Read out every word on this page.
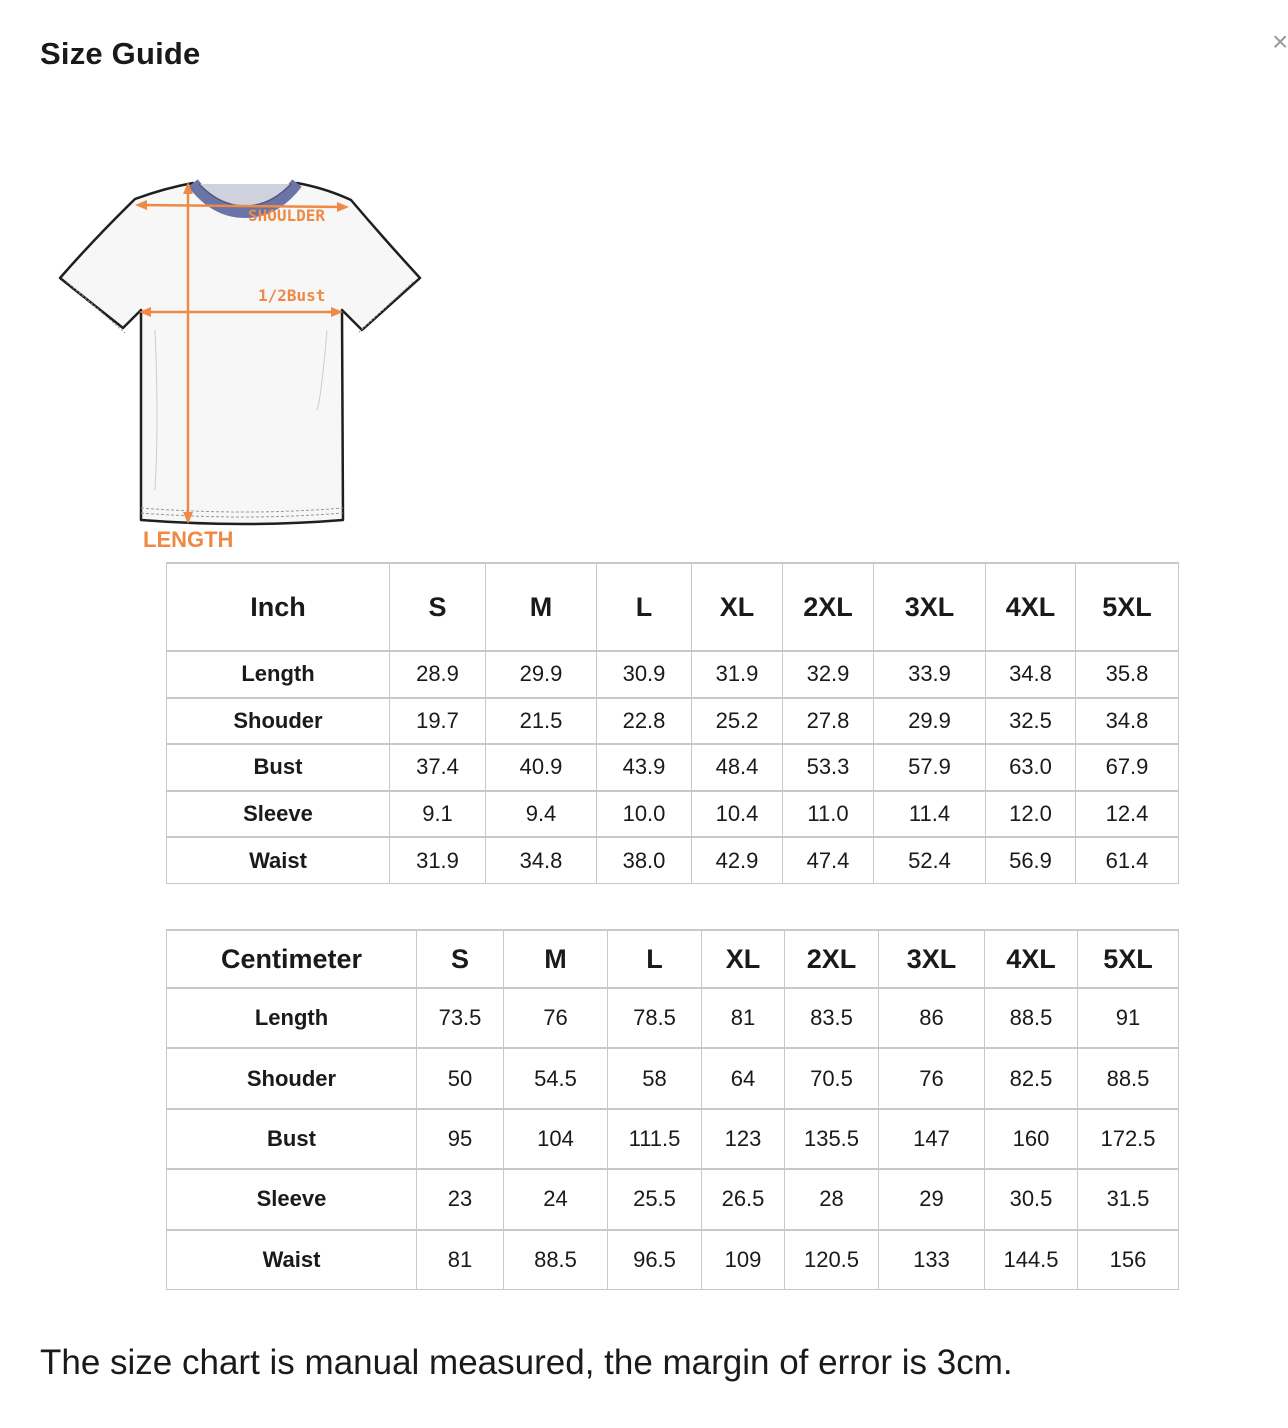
Size Guide	×
SHOULDER
1/2Bust
LENGTH
Inch	S	M	L	XL	2XL	3XL	4XL	5XL
Length	28.9	29.9	30.9	31.9	32.9	33.9	34.8	35.8
Shouder	19.7	21.5	22.8	25.2	27.8	29.9	32.5	34.8
Bust	37.4	40.9	43.9	48.4	53.3	57.9	63.0	67.9
Sleeve	9.1	9.4	10.0	10.4	11.0	11.4	12.0	12.4
Waist	31.9	34.8	38.0	42.9	47.4	52.4	56.9	61.4
Centimeter	S	M	L	XL	2XL	3XL	4XL	5XL
Length	73.5	76	78.5	81	83.5	86	88.5	91
Shouder	50	54.5	58	64	70.5	76	82.5	88.5
Bust	95	104	111.5	123	135.5	147	160	172.5
Sleeve	23	24	25.5	26.5	28	29	30.5	31.5
Waist	81	88.5	96.5	109	120.5	133	144.5	156
The size chart is manual measured, the margin of error is 3cm.
